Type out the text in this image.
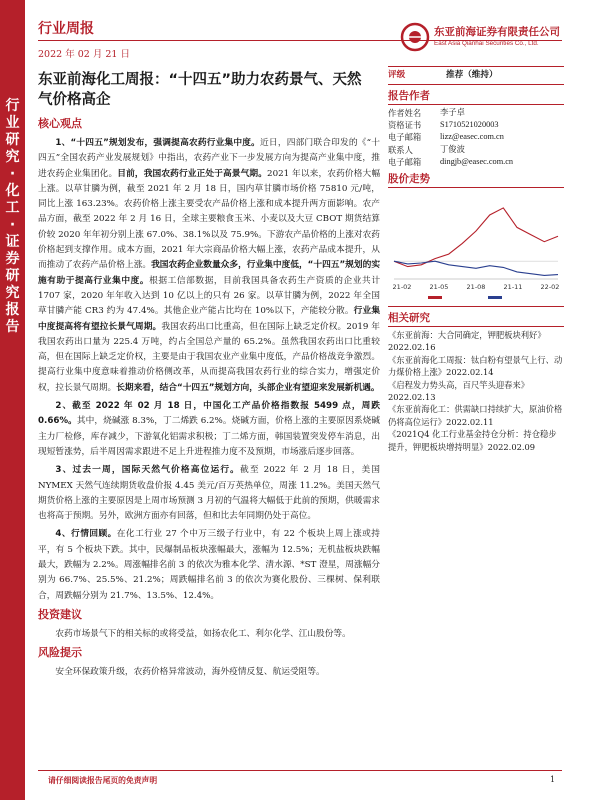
行业研究·化工·证券研究报告
行业周报
2022 年 02 月 21 日
东亚前海证券有限责任公司
East Asia Qianhai Securities Co., Ltd.
东亚前海化工周报：“十四五”助力农药景气、天然气价格高企
核心观点

1、“十四五”规划发布，强调提高农药行业集中度。近日，四部门联合印发的《“十四五”全国农药产业发展规划》中指出，农药产业下一步发展方向为提高产业集中度，推进农药企业集团化。目前，我国农药行业正处于高景气期。2021 年以来，农药价格大幅上涨。以草甘膦为例，截至 2021 年 2 月 18 日，国内草甘膦市场价格 75810 元/吨，同比上涨 163.23%。农药价格上涨主要受农产品价格上涨和成本提升两方面影响。农产品方面，截至 2022 年 2 月 16 日，全球主要粮食玉米、小麦以及大豆 CBOT 期货结算价较 2020 年年初分别上涨 67.0%、38.1%以及 75.9%。下游农产品价格的上涨对农药价格起到支撑作用。成本方面，2021 年大宗商品价格大幅上涨，农药产品成本提升，从而推动了农药产品价格上涨。我国农药企业数量众多，行业集中度低，“十四五”规划的实施有助于提高行业集中度。根据工信部数据，目前我国具备农药生产资质的企业共计 1707 家，2020 年年收入达到 10 亿以上的只有 26 家。以草甘膦为例，2022 年全国草甘膦产能 CR3 约为 47.4%。其他企业产能占比均在 10%以下，产能较分散。行业集中度提高将有望拉长景气周期。我国农药出口比重高，但在国际上缺乏定价权。2019 年我国农药出口量为 225.4 万吨，约占全国总产量的 65.2%。虽然我国农药出口比重较高，但在国际上缺乏定价权，主要是由于我国农业产业集中度低，产品价格战竞争激烈。提高行业集中度意味着推动价格侧改革，从而提高我国农药行业的综合实力，增强定价权，拉长景气周期。长期来看，结合“十四五”规划方向，头部企业有望迎来发展新机遇。

2、截至 2022 年 02 月 18 日，中国化工产品价格指数报 5499 点，周跌 0.66%。其中，烧碱涨 8.3%，丁二烯跌 6.2%。烧碱方面，价格上涨的主要原因系烧碱主力厂检修，库存减少，下游氧化铝需求积极；丁二烯方面，韩国装置突发停车消息，出现短暂涨势，后半周因需求跟进不足上升进程推力度不及预期，市场涨后逐步回落。

3、过去一周，国际天然气价格高位运行。截至 2022 年 2 月 18 日，美国 NYMEX 天然气连续期货收盘价报 4.45 美元/百万英热单位，周涨 11.2%。美国天然气期货价格上涨的主要原因是上周市场预测 3 月初的气温将大幅低于此前的预期，供暖需求也将高于预期。另外，欧洲方面亦有回落，但和比去年同期仍处于高位。

4、行情回顾。在化工行业 27 个中万三级子行业中，有 22 个板块上周上涨或持平，有 5 个板块下跌。其中，民爆制品板块涨幅最大，涨幅为 12.5%；无机盐板块跌幅最大，跌幅为 2.2%。周涨幅排名前 3 的依次为雅本化学、清水源、*ST 澄星，周涨幅分别为 66.7%、25.5%、21.2%；周跌幅排名前 3 的依次为赛化股份、三棵树、保利联合，周跌幅分别为 21.7%、13.5%、12.4%。

投资建议

农药市场景气下的相关标的或将受益，如扬农化工、利尔化学、江山股份等。

风险提示

安全环保政策升级，农药价格异常波动，海外疫情反复、航运受阻等。

评级	推荐（维持）
报告作者
作者姓名	李子卓
资格证书	S1710521020003
电子邮箱	lizz@easec.com.cn
联系人	丁俊波
电子邮箱	dingjb@easec.com.cn
股价走势
21-02	21-05	21-08	21-11	22-02
相关研究
《东亚前海：大合同确定，钾肥板块利好》2022.02.16
《东亚前海化工周报：钛白粉有望景气上行、动力煤价格上涨》2022.02.14
《启程发力势头高，百尺竿头迎春来》2022.02.13
《东亚前海化工：供需缺口持续扩大，原油价格仍将高位运行》2022.02.11
《2021Q4 化工行业基金持仓分析：持仓稳步提升，钾肥板块增持明显》2022.02.09
请仔细阅读报告尾页的免责声明	1
